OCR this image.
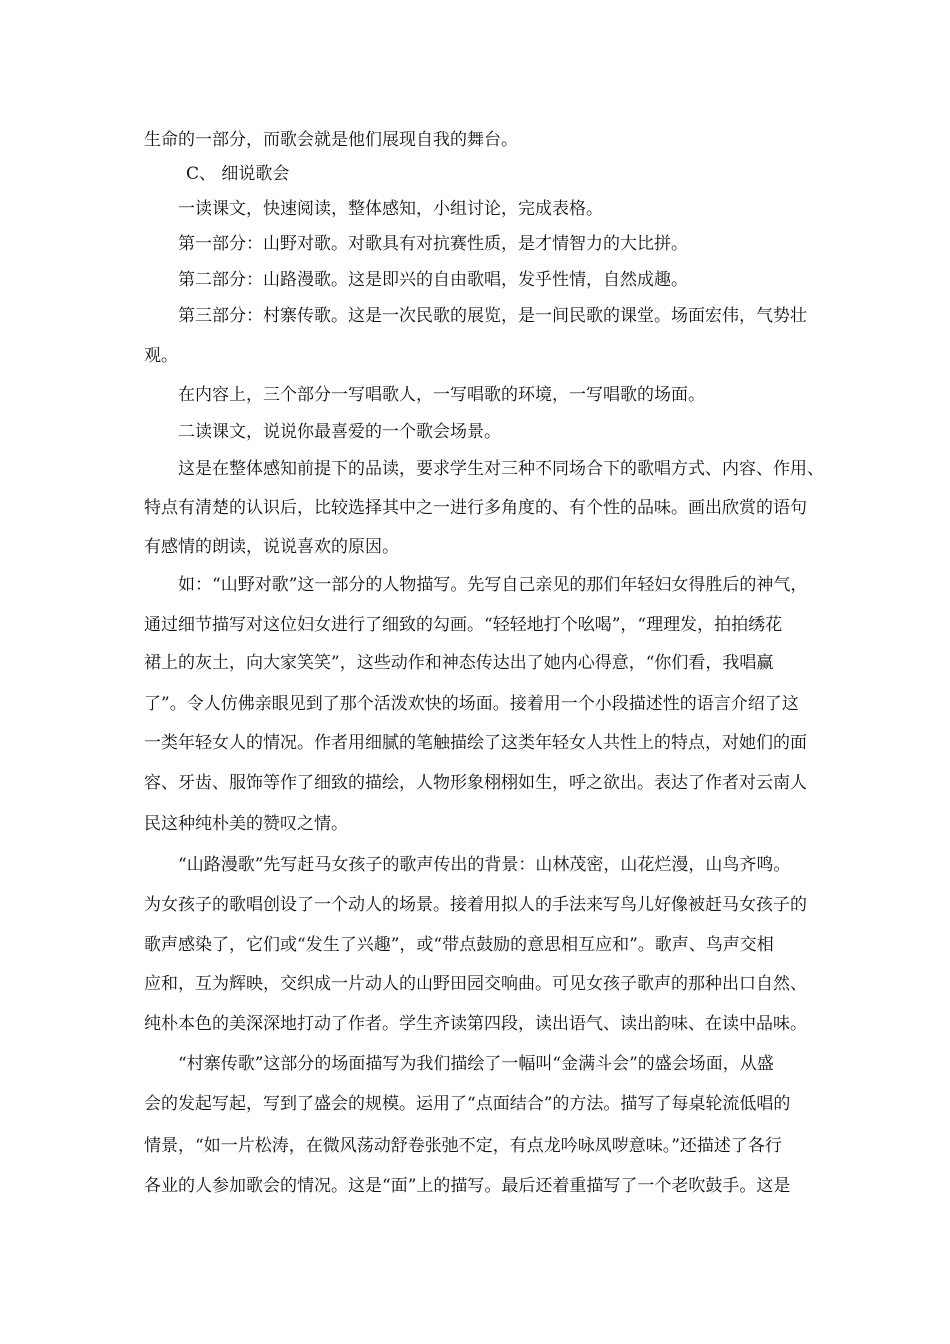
生命的一部分，而歌会就是他们展现自我的舞台。
C、 细说歌会
一读课文，快速阅读，整体感知，小组讨论，完成表格。
第一部分：山野对歌。对歌具有对抗赛性质，是才情智力的大比拼。
第二部分：山路漫歌。这是即兴的自由歌唱，发乎性情，自然成趣。
第三部分：村寨传歌。这是一次民歌的展览，是一间民歌的课堂。场面宏伟，气势壮
观。
在内容上，三个部分一写唱歌人，一写唱歌的环境，一写唱歌的场面。
二读课文，说说你最喜爱的一个歌会场景。
这是在整体感知前提下的品读，要求学生对三种不同场合下的歌唱方式、内容、作用、
特点有清楚的认识后，比较选择其中之一进行多角度的、有个性的品味。画出欣赏的语句
有感情的朗读，说说喜欢的原因。
如：“山野对歌”这一部分的人物描写。先写自己亲见的那们年轻妇女得胜后的神气，
通过细节描写对这位妇女进行了细致的勾画。“轻轻地打个吆喝”，“理理发，拍拍绣花
裙上的灰土，向大家笑笑”，这些动作和神态传达出了她内心得意，“你们看，我唱赢
了”。令人仿佛亲眼见到了那个活泼欢快的场面。接着用一个小段描述性的语言介绍了这
一类年轻女人的情况。作者用细腻的笔触描绘了这类年轻女人共性上的特点，对她们的面
容、牙齿、服饰等作了细致的描绘，人物形象栩栩如生，呼之欲出。表达了作者对云南人
民这种纯朴美的赞叹之情。
“山路漫歌”先写赶马女孩子的歌声传出的背景：山林茂密，山花烂漫，山鸟齐鸣。
为女孩子的歌唱创设了一个动人的场景。接着用拟人的手法来写鸟儿好像被赶马女孩子的
歌声感染了，它们或“发生了兴趣”，或“带点鼓励的意思相互应和”。歌声、鸟声交相
应和，互为辉映，交织成一片动人的山野田园交响曲。可见女孩子歌声的那种出口自然、
纯朴本色的美深深地打动了作者。学生齐读第四段，读出语气、读出韵味、在读中品味。
“村寨传歌”这部分的场面描写为我们描绘了一幅叫“金满斗会”的盛会场面，从盛
会的发起写起，写到了盛会的规模。运用了“点面结合”的方法。描写了每桌轮流低唱的
情景，“如一片松涛，在微风荡动舒卷张弛不定，有点龙吟咏凤哕意味。”还描述了各行
各业的人参加歌会的情况。这是“面”上的描写。最后还着重描写了一个老吹鼓手。这是
